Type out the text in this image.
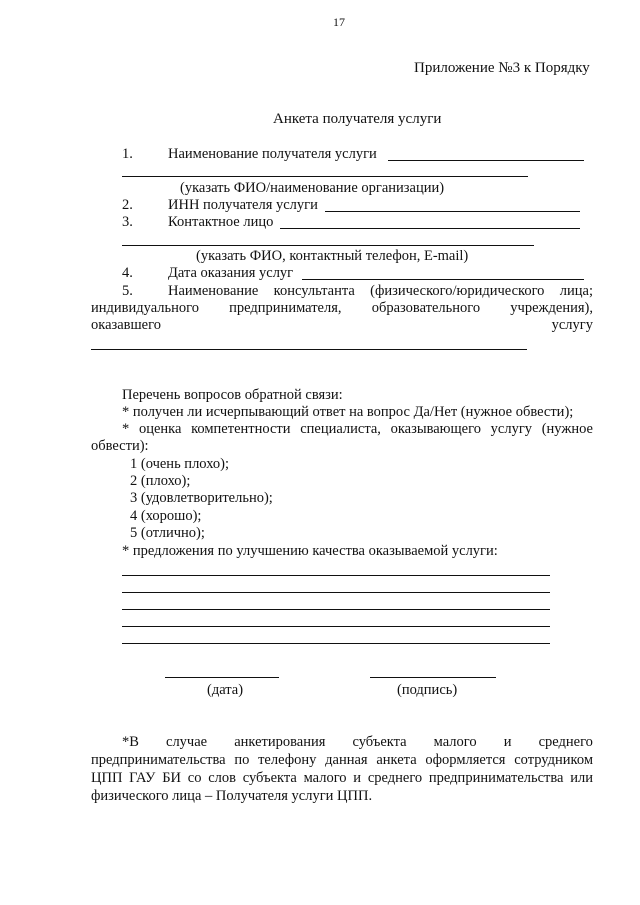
17
Приложение №3 к Порядку
Анкета получателя услуги
1. Наименование получателя услуги
(указать ФИО/наименование организации)
2. ИНН получателя услуги
3. Контактное лицо
(указать ФИО, контактный телефон, E-mail)
4. Дата оказания услуг
5. Наименование консультанта (физического/юридического лица;
индивидуального предпринимателя, образовательного учреждения),
оказавшего	услугу
Перечень вопросов обратной связи:
* получен ли исчерпывающий ответ на вопрос Да/Нет (нужное обвести);
* оценка компетентности специалиста, оказывающего услугу (нужное
обвести):
1 (очень плохо);
2 (плохо);
3 (удовлетворительно);
4 (хорошо);
5 (отлично);
* предложения по улучшению качества оказываемой услуги:
(дата)	(подпись)
*В случае анкетирования субъекта малого и среднего
предпринимательства по телефону данная анкета оформляется сотрудником
ЦПП ГАУ БИ со слов субъекта малого и среднего предпринимательства или
физического лица – Получателя услуги ЦПП.
